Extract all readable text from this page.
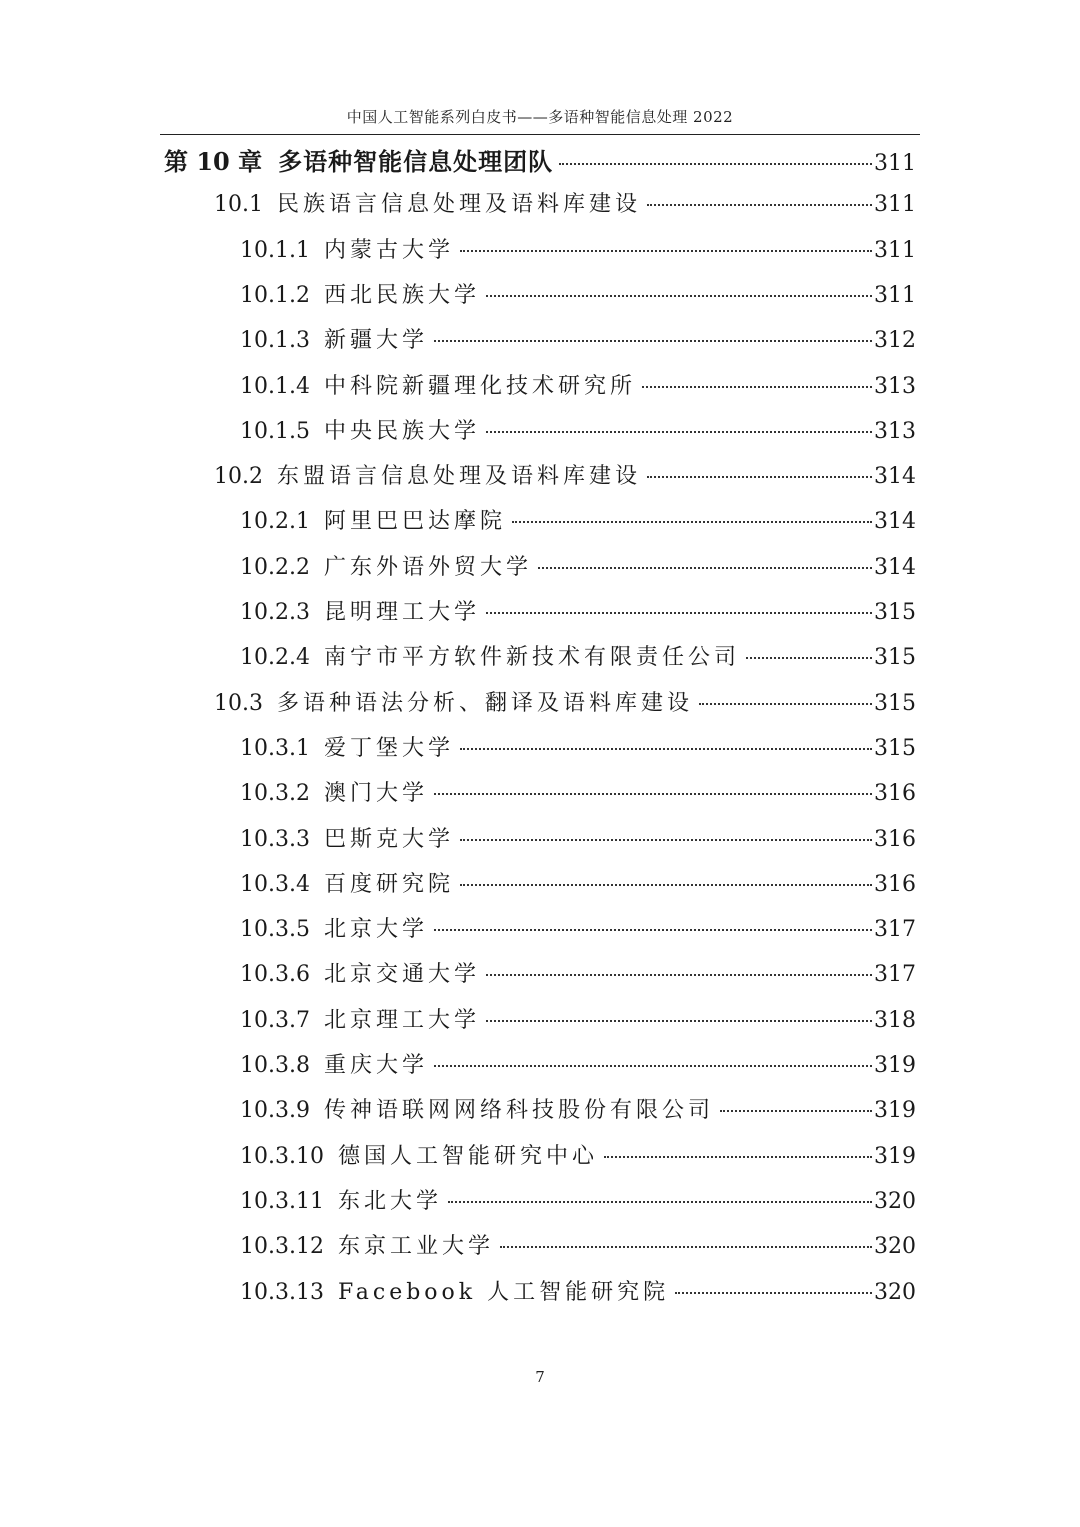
中国人工智能系列白皮书——多语种智能信息处理 2022
第 10 章 多语种智能信息处理团队	311
10.1 民族语言信息处理及语料库建设	311
10.1.1 内蒙古大学	311
10.1.2 西北民族大学	311
10.1.3 新疆大学	312
10.1.4 中科院新疆理化技术研究所	313
10.1.5 中央民族大学	313
10.2 东盟语言信息处理及语料库建设	314
10.2.1 阿里巴巴达摩院	314
10.2.2 广东外语外贸大学	314
10.2.3 昆明理工大学	315
10.2.4 南宁市平方软件新技术有限责任公司	315
10.3 多语种语法分析、翻译及语料库建设	315
10.3.1 爱丁堡大学	315
10.3.2 澳门大学	316
10.3.3 巴斯克大学	316
10.3.4 百度研究院	316
10.3.5 北京大学	317
10.3.6 北京交通大学	317
10.3.7 北京理工大学	318
10.3.8 重庆大学	319
10.3.9 传神语联网网络科技股份有限公司	319
10.3.10 德国人工智能研究中心	319
10.3.11 东北大学	320
10.3.12 东京工业大学	320
10.3.13 Facebook 人工智能研究院	320
7
